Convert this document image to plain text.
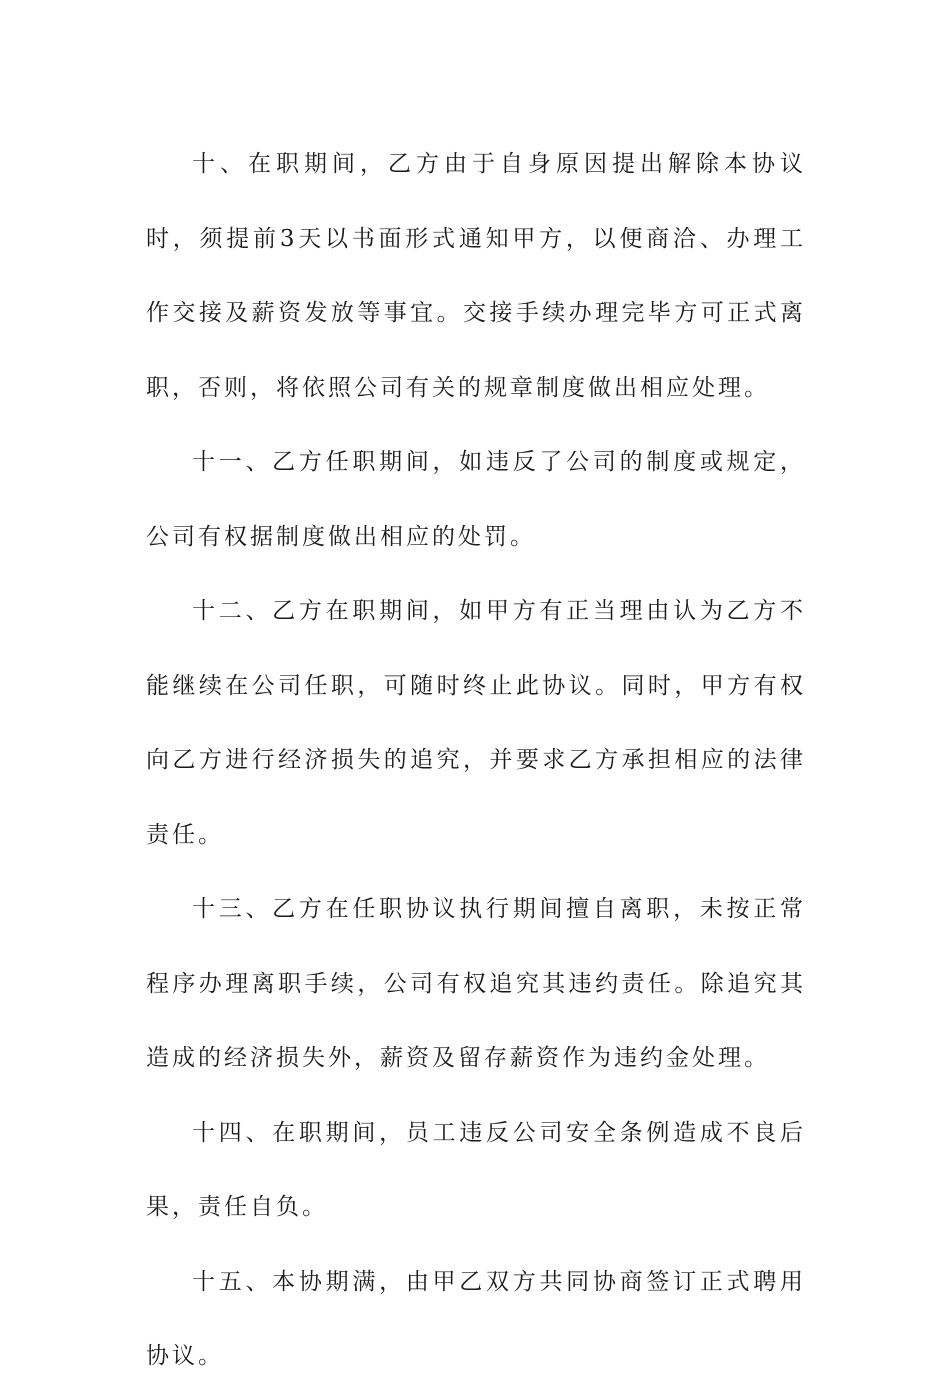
十、在职期间，乙方由于自身原因提出解除本协议时，须提前3天以书面形式通知甲方，以便商洽、办理工作交接及薪资发放等事宜。交接手续办理完毕方可正式离职，否则，将依照公司有关的规章制度做出相应处理。

十一、乙方任职期间，如违反了公司的制度或规定，公司有权据制度做出相应的处罚。

十二、乙方在职期间，如甲方有正当理由认为乙方不能继续在公司任职，可随时终止此协议。同时，甲方有权向乙方进行经济损失的追究，并要求乙方承担相应的法律责任。

十三、乙方在任职协议执行期间擅自离职，未按正常程序办理离职手续，公司有权追究其违约责任。除追究其造成的经济损失外，薪资及留存薪资作为违约金处理。

十四、在职期间，员工违反公司安全条例造成不良后果，责任自负。

十五、本协期满，由甲乙双方共同协商签订正式聘用协议。
